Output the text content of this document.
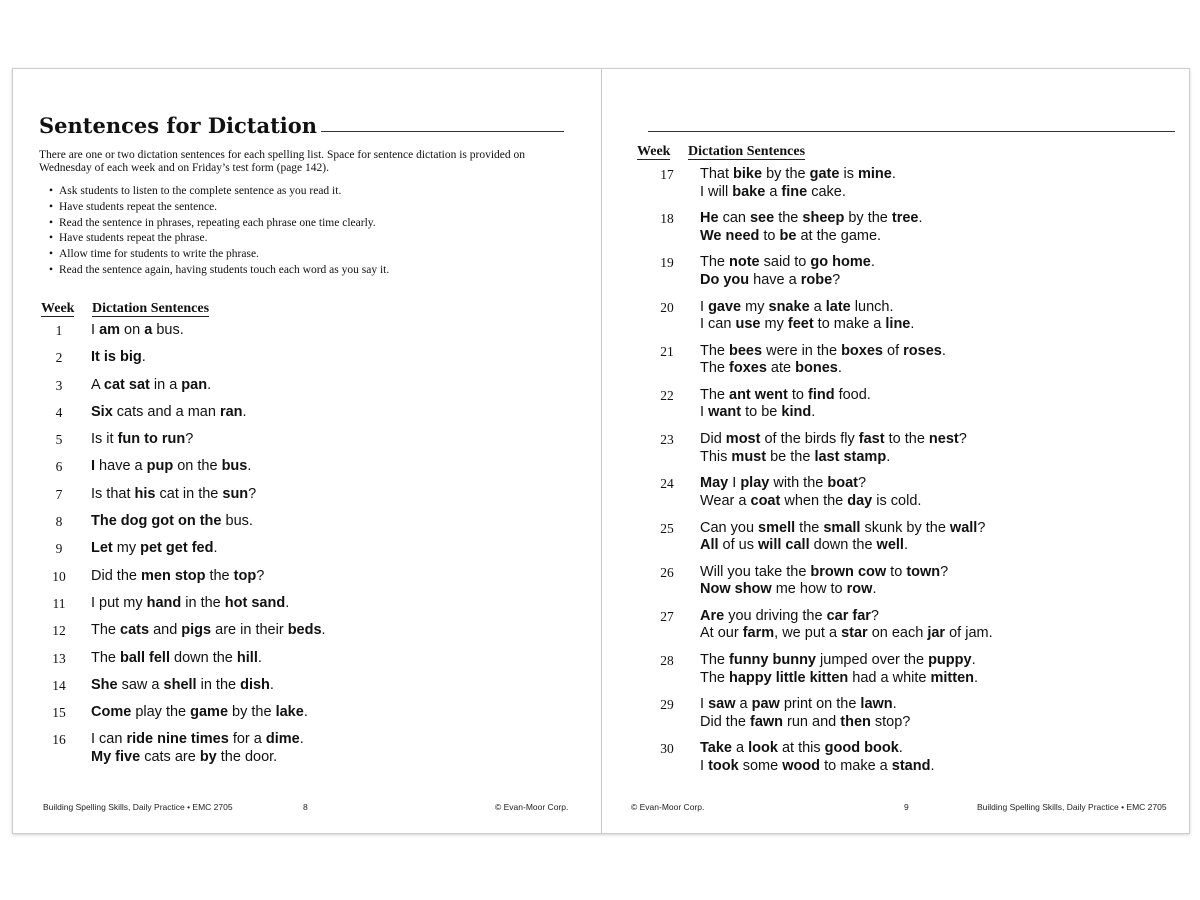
Sentences for Dictation
There are one or two dictation sentences for each spelling list. Space for sentence dictation is provided on Wednesday of each week and on Friday’s test form (page 142).
• Ask students to listen to the complete sentence as you read it.
• Have students repeat the sentence.
• Read the sentence in phrases, repeating each phrase one time clearly.
• Have students repeat the phrase.
• Allow time for students to write the phrase.
• Read the sentence again, having students touch each word as you say it.
Week Dictation Sentences
1	I am on a bus.
2	It is big.
3	A cat sat in a pan.
4	Six cats and a man ran.
5	Is it fun to run?
6	I have a pup on the bus.
7	Is that his cat in the sun?
8	The dog got on the bus.
9	Let my pet get fed.
10	Did the men stop the top?
11	I put my hand in the hot sand.
12	The cats and pigs are in their beds.
13	The ball fell down the hill.
14	She saw a shell in the dish.
15	Come play the game by the lake.
16	I can ride nine times for a dime.
My five cats are by the door.
Building Spelling Skills, Daily Practice • EMC 2705	8	© Evan-Moor Corp.
Week Dictation Sentences
17	That bike by the gate is mine.
I will bake a fine cake.
18	He can see the sheep by the tree.
We need to be at the game.
19	The note said to go home.
Do you have a robe?
20	I gave my snake a late lunch.
I can use my feet to make a line.
21	The bees were in the boxes of roses.
The foxes ate bones.
22	The ant went to find food.
I want to be kind.
23	Did most of the birds fly fast to the nest?
This must be the last stamp.
24	May I play with the boat?
Wear a coat when the day is cold.
25	Can you smell the small skunk by the wall?
All of us will call down the well.
26	Will you take the brown cow to town?
Now show me how to row.
27	Are you driving the car far?
At our farm, we put a star on each jar of jam.
28	The funny bunny jumped over the puppy.
The happy little kitten had a white mitten.
29	I saw a paw print on the lawn.
Did the fawn run and then stop?
30	Take a look at this good book.
I took some wood to make a stand.
© Evan-Moor Corp.	9	Building Spelling Skills, Daily Practice • EMC 2705
